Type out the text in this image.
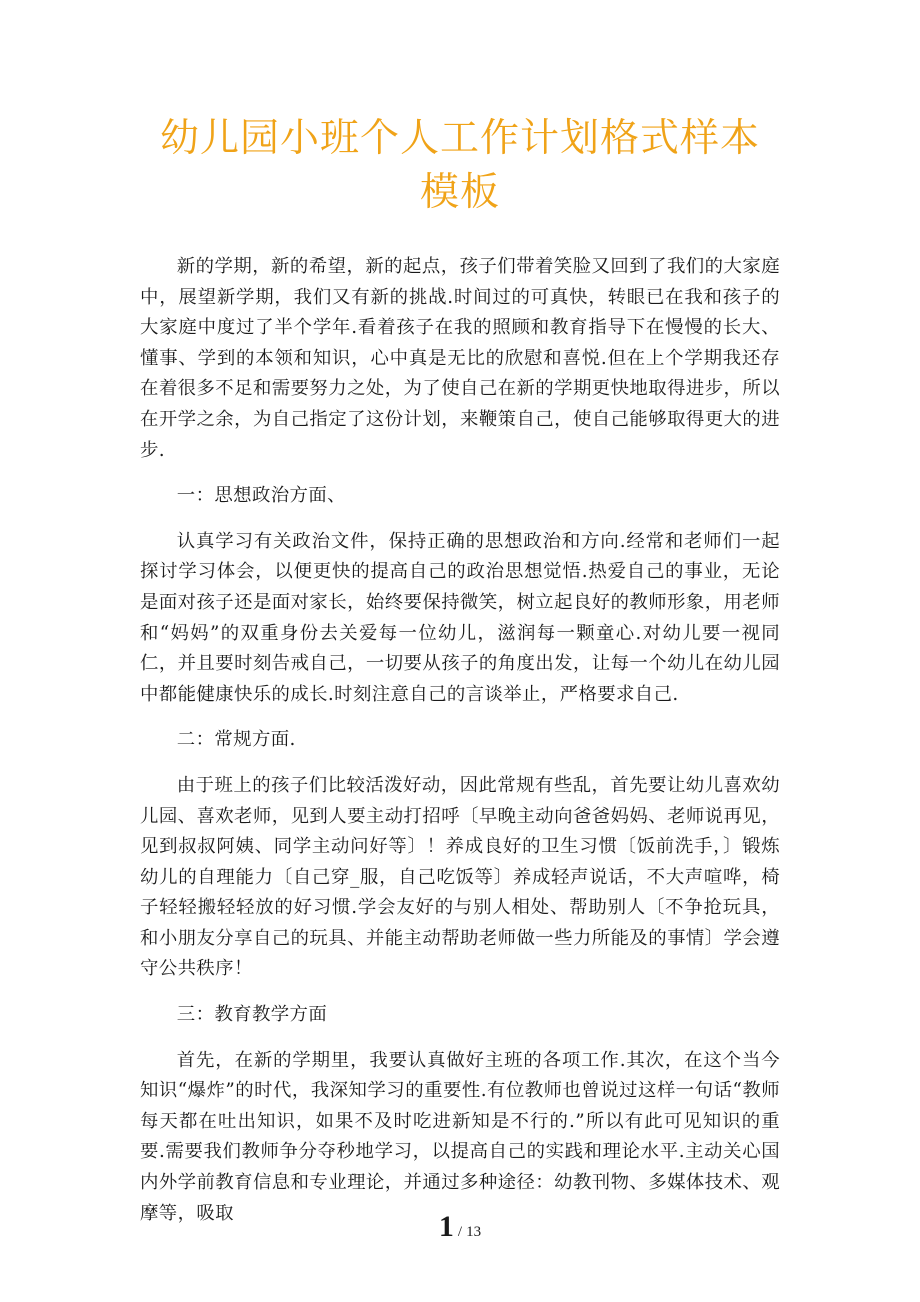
幼儿园小班个人工作计划格式样本
模板

新的学期，新的希望，新的起点，孩子们带着笑脸又回到了我们的大家庭中，展望新学期，我们又有新的挑战.时间过的可真快，转眼已在我和孩子的大家庭中度过了半个学年.看着孩子在我的照顾和教育指导下在慢慢的长大、懂事、学到的本领和知识，心中真是无比的欣慰和喜悦.但在上个学期我还存在着很多不足和需要努力之处，为了使自己在新的学期更快地取得进步，所以在开学之余，为自己指定了这份计划，来鞭策自己，使自己能够取得更大的进步.

一：思想政治方面、

认真学习有关政治文件，保持正确的思想政治和方向.经常和老师们一起探讨学习体会，以便更快的提高自己的政治思想觉悟.热爱自己的事业，无论是面对孩子还是面对家长，始终要保持微笑，树立起良好的教师形象，用老师和“妈妈”的双重身份去关爱每一位幼儿，滋润每一颗童心.对幼儿要一视同仁，并且要时刻告戒自己，一切要从孩子的角度出发，让每一个幼儿在幼儿园中都能健康快乐的成长.时刻注意自己的言谈举止，严格要求自己.

二：常规方面.

由于班上的孩子们比较活泼好动，因此常规有些乱，首先要让幼儿喜欢幼儿园、喜欢老师，见到人要主动打招呼〔早晚主动向爸爸妈妈、老师说再见，见到叔叔阿姨、同学主动问好等〕！养成良好的卫生习惯〔饭前洗手，〕锻炼幼儿的自理能力〔自己穿_服，自己吃饭等〕养成轻声说话，不大声喧哗，椅子轻轻搬轻轻放的好习惯.学会友好的与别人相处、帮助别人〔不争抢玩具，和小朋友分享自己的玩具、并能主动帮助老师做一些力所能及的事情〕学会遵守公共秩序！

三：教育教学方面

首先，在新的学期里，我要认真做好主班的各项工作.其次，在这个当今知识“爆炸”的时代，我深知学习的重要性.有位教师也曾说过这样一句话“教师每天都在吐出知识，如果不及时吃进新知是不行的.”所以有此可见知识的重要.需要我们教师争分夺秒地学习，以提高自己的实践和理论水平.主动关心国内外学前教育信息和专业理论，并通过多种途径：幼教刊物、多媒体技术、观摩等，吸取	1 / 13
